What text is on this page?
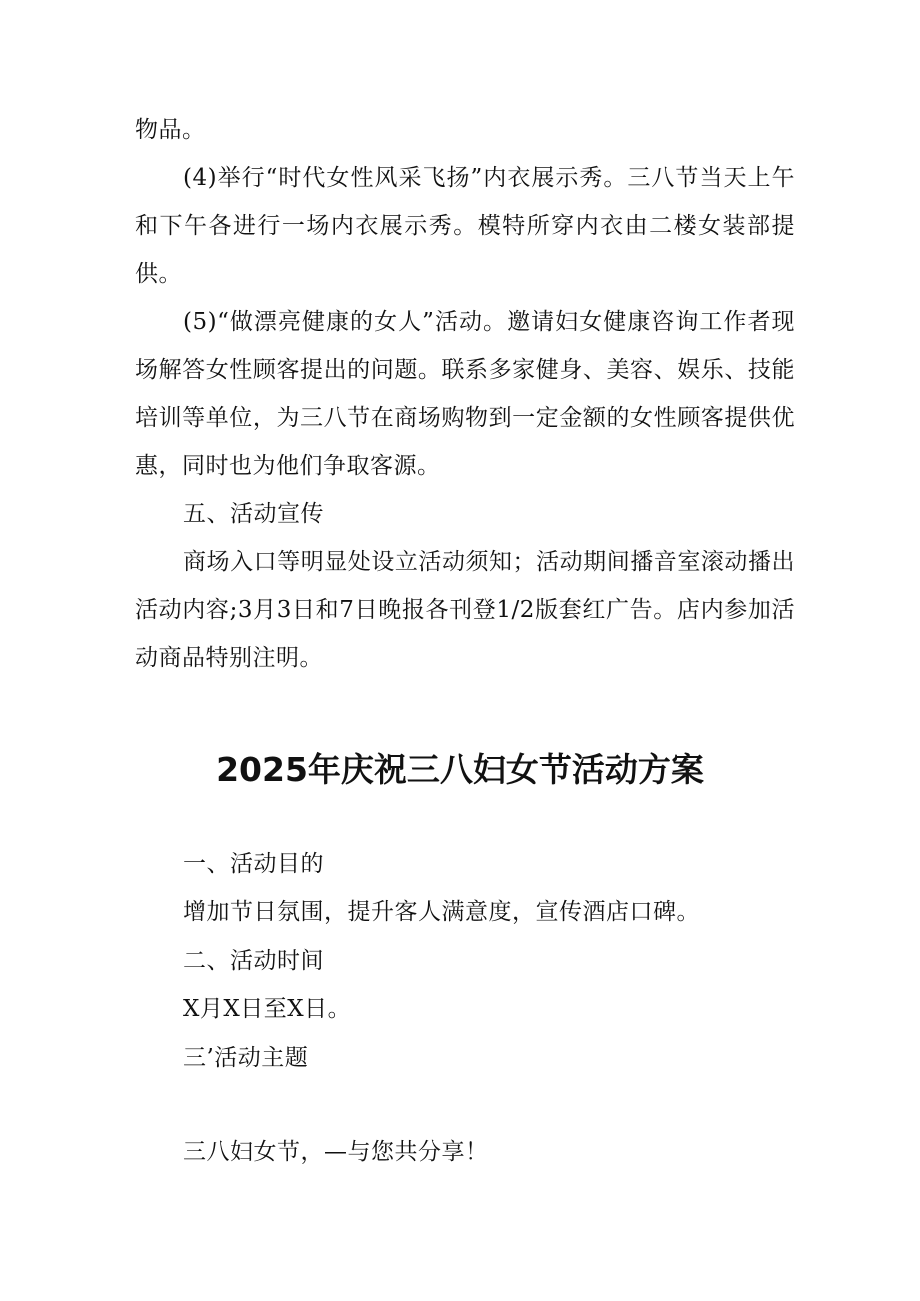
物品。

(4)举行“时代女性风采飞扬”内衣展示秀。三八节当天上午和下午各进行一场内衣展示秀。模特所穿内衣由二楼女装部提供。

(5)“做漂亮健康的女人”活动。邀请妇女健康咨询工作者现场解答女性顾客提出的问题。联系多家健身、美容、娱乐、技能培训等单位，为三八节在商场购物到一定金额的女性顾客提供优惠，同时也为他们争取客源。

五、活动宣传

商场入口等明显处设立活动须知；活动期间播音室滚动播出活动内容;3月3日和7日晚报各刊登1/2版套红广告。店内参加活动商品特别注明。

2025年庆祝三八妇女节活动方案

一、活动目的

增加节日氛围，提升客人满意度，宣传酒店口碑。

二、活动时间

X月X日至X日。

三’活动主题

三八妇女节，—与您共分享！
